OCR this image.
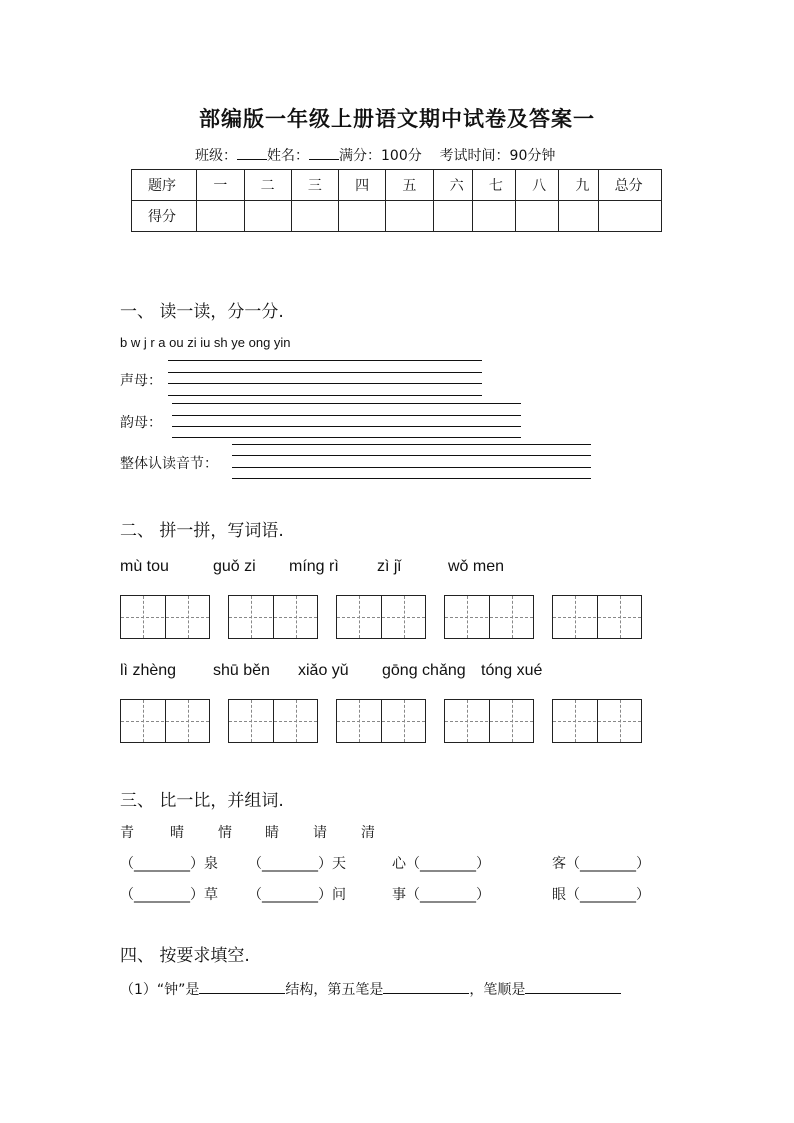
部编版一年级上册语文期中试卷及答案一
班级： 姓名： 满分：100分 考试时间：90分钟
题序	一	二	三	四	五	六	七	八	九	总分
得分										
一、 读一读，分一分.
b w j r a ou zi iu sh ye ong yin
声母：
韵母：
整体认读音节：
二、 拼一拼，写词语.
mù tou	guǒ zi míng rì zì jǐ	wǒ men
lì zhèng shū běn xiǎo yǔ gōng chǎng tóng xué
三、 比一比，并组词.
青	晴 情 睛 请 清
（________）泉 （________）天	心（________）	客（________）
（________）草 （________）问	事（________）	眼（________）
四、 按要求填空.
（1）“钟”是	结构，第五笔是	，笔顺是
